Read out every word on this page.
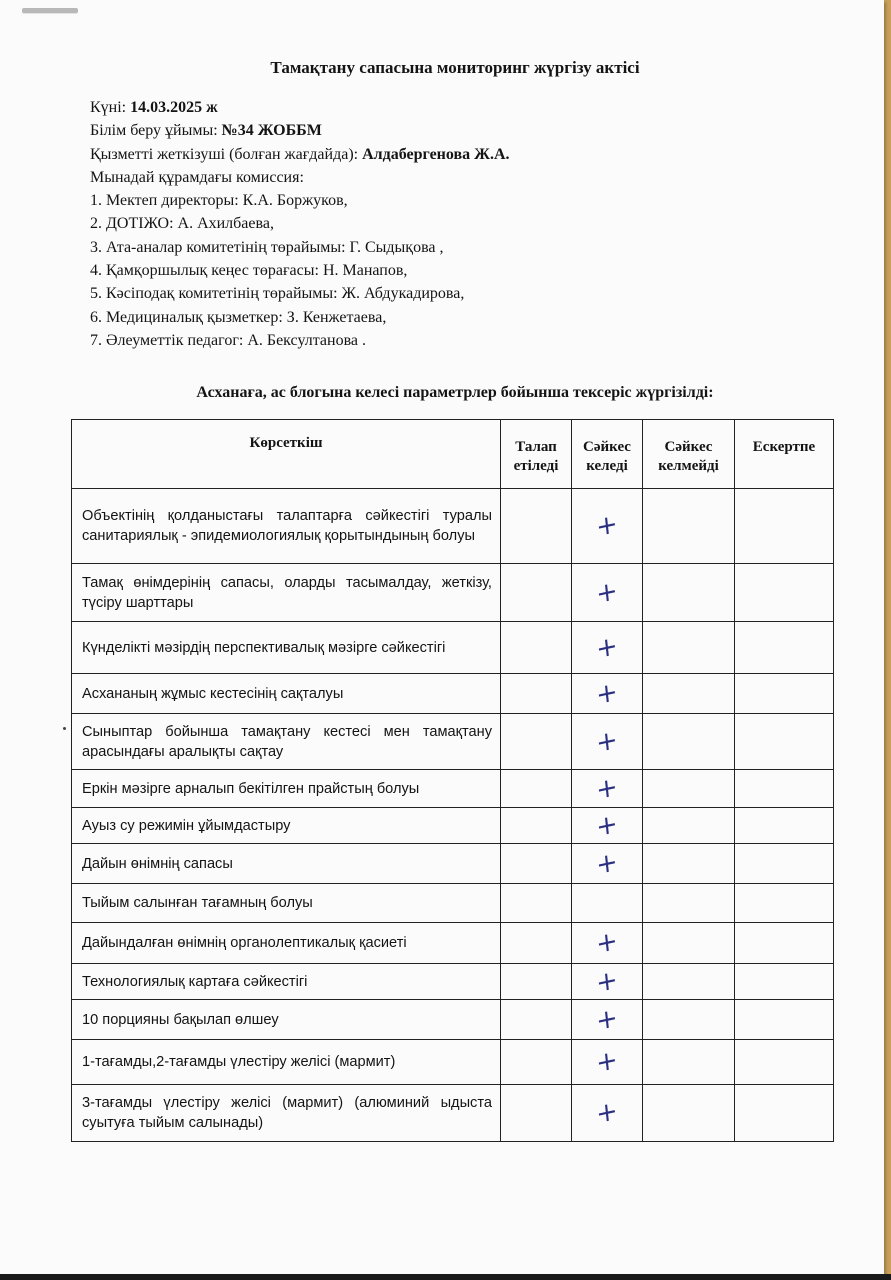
Тамақтану сапасына мониторинг жүргізу актісі
Күні: 14.03.2025 ж
Білім беру ұйымы: №34 ЖОББМ
Қызметті жеткізуші (болған жағдайда): Алдабергенова Ж.А.
Мынадай құрамдағы комиссия:
1. Мектеп директоры: К.А. Боржуков,
2. ДОТІЖО: А. Ахилбаева,
3. Ата-аналар комитетінің төрайымы: Г. Сыдықова ,
4. Қамқоршылық кеңес төрағасы: Н. Манапов,
5. Кәсіподақ комитетінің төрайымы: Ж. Абдукадирова,
6. Медициналық қызметкер: З. Кенжетаева,
7. Әлеуметтік педагог: А. Бексултанова .
Асханаға, ас блогына келесі параметрлер бойынша тексеріс жүргізілді:
Көрсеткіш	Талап етіледі	Сәйкес келеді	Сәйкес келмейді	Ескертпе
Объектінің қолданыстағы талаптарға сәйкестігі туралы санитариялық - эпидемиологиялық қорытындының болуы		+		
Тамақ өнімдерінің сапасы, оларды тасымалдау, жеткізу, түсіру шарттары		+		
Күнделікті мәзірдің перспективалық мәзірге сәйкестігі		+		
Асхананың жұмыс кестесінің сақталуы		+		
Сыныптар бойынша тамақтану кестесі мен тамақтану арасындағы аралықты сақтау		+		
Еркін мәзірге арналып бекітілген прайстың болуы		+		
Ауыз су режимін ұйымдастыру		+		
Дайын өнімнің сапасы		+		
Тыйым салынған тағамның болуы				
Дайындалған өнімнің органолептикалық қасиеті		+		
Технологиялық картаға сәйкестігі		+		
10 порцияны бақылап өлшеу		+		
1-тағамды,2-тағамды үлестіру желісі (мармит)		+		
3-тағамды үлестіру желісі (мармит) (алюминий ыдыста суытуға тыйым салынады)		+		
